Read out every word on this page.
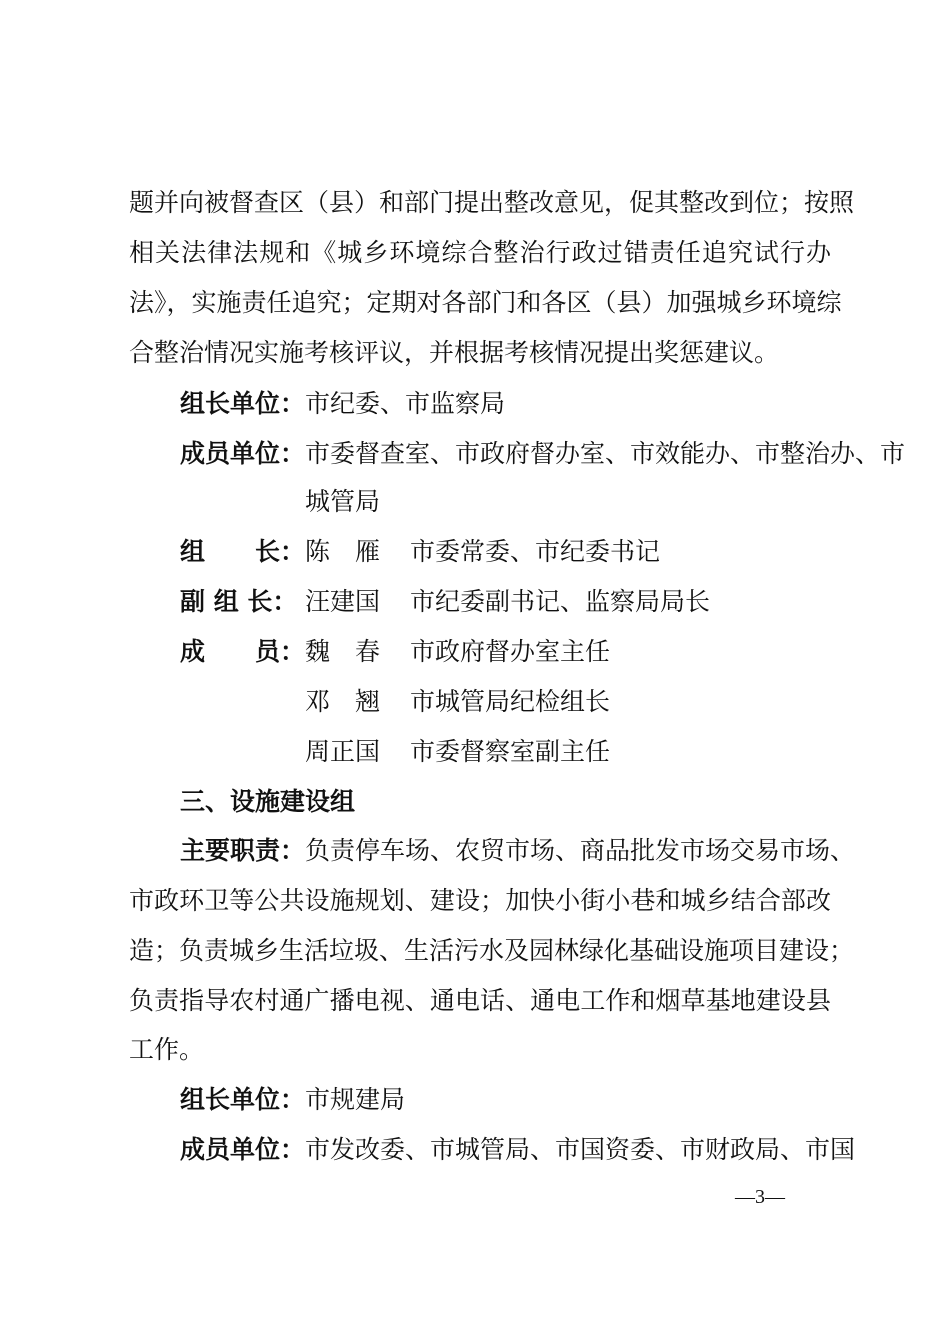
题并向被督查区（县）和部门提出整改意见，促其整改到位；按照
相关法律法规和《城乡环境综合整治行政过错责任追究试行办
法》，实施责任追究；定期对各部门和各区（县）加强城乡环境综
合整治情况实施考核评议，并根据考核情况提出奖惩建议。
组长单位：市纪委、市监察局
成员单位：市委督查室、市政府督办室、市效能办、市整治办、市
城管局
组　　长： 陈　雁 市委常委、市纪委书记
副 组 长： 汪建国 市纪委副书记、监察局局长
成　　员： 魏　春 市政府督办室主任
邓　翘 市城管局纪检组长
周正国 市委督察室副主任
三、设施建设组
主要职责：负责停车场、农贸市场、商品批发市场交易市场、
市政环卫等公共设施规划、建设；加快小街小巷和城乡结合部改
造；负责城乡生活垃圾、生活污水及园林绿化基础设施项目建设；
负责指导农村通广播电视、通电话、通电工作和烟草基地建设县
工作。
组长单位：市规建局
成员单位：市发改委、市城管局、市国资委、市财政局、市国
—3—
